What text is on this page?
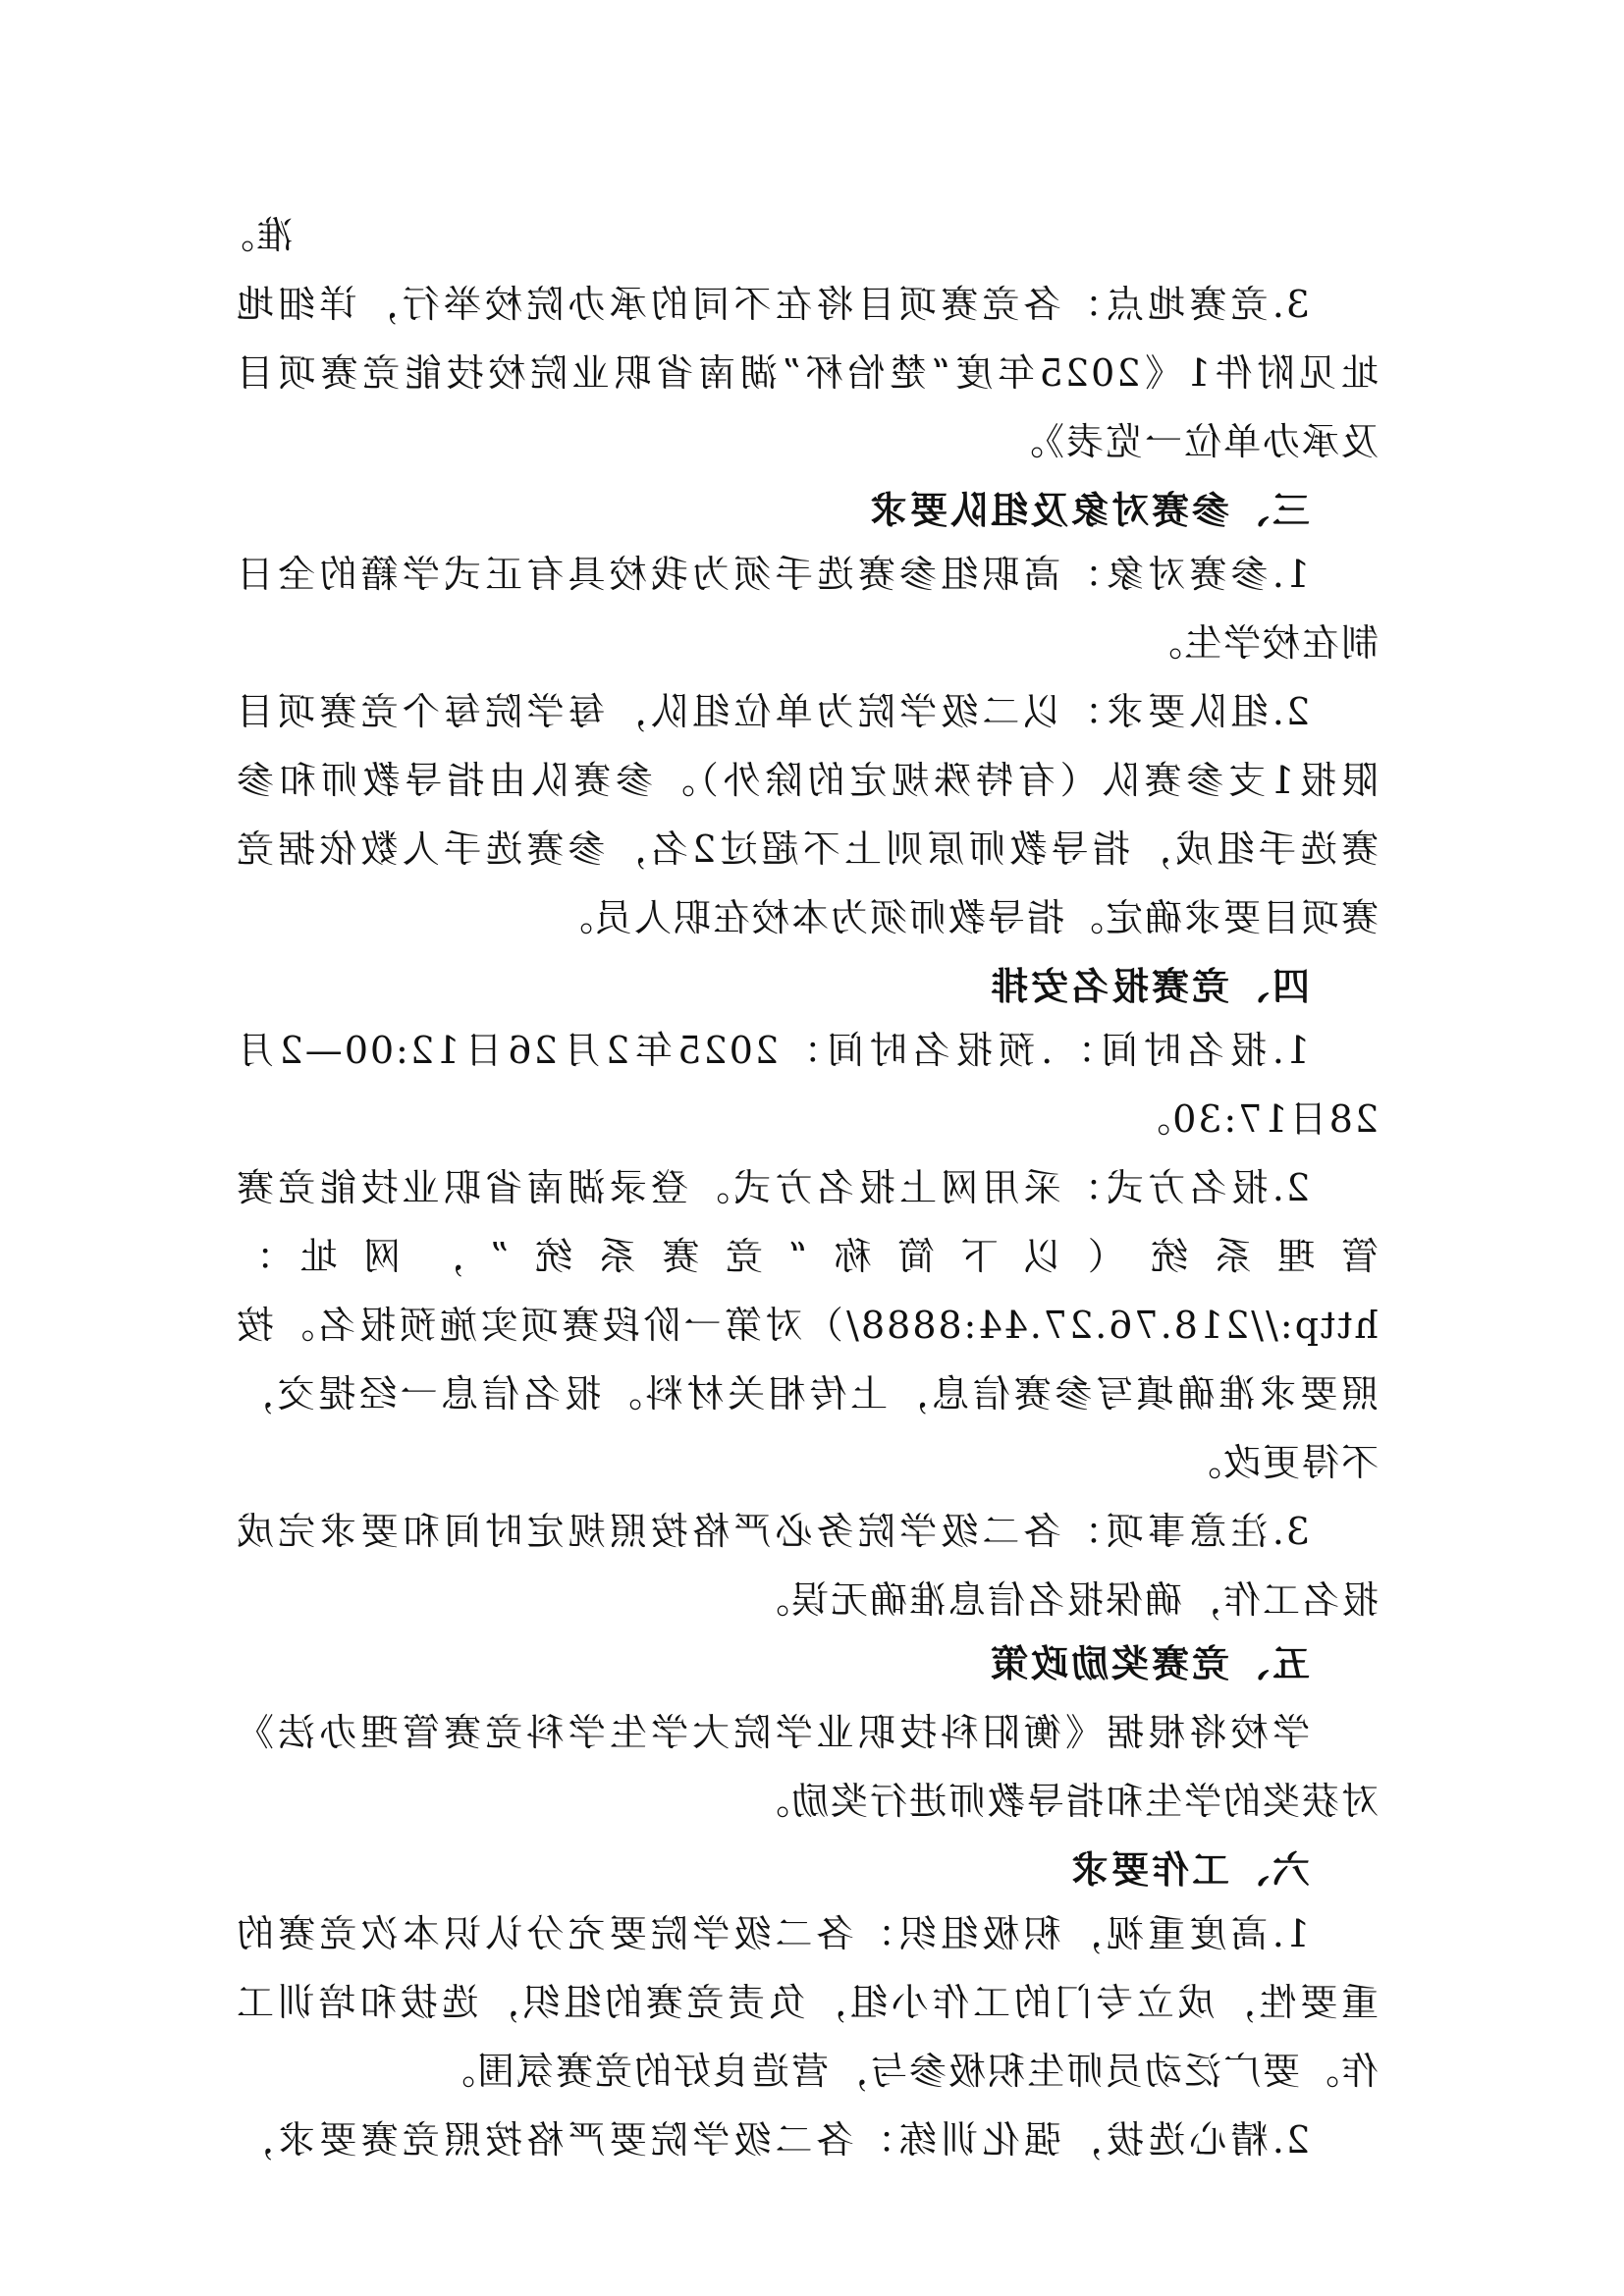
准。
3.竞赛地点：各竞赛项目将在不同的承办院校举行，详细地
址见附件1《2025年度“楚怡杯”湖南省职业院校技能竞赛项目
及承办单位一览表》。
三、参赛对象及组队要求
1.参赛对象：高职组参赛选手须为我校具有正式学籍的全日
制在校学生。
2.组队要求：以二级学院为单位组队，每学院每个竞赛项目
限报1支参赛队（有特殊规定的除外）。参赛队由指导教师和参
赛选手组成，指导教师原则上不超过2名，参赛选手人数依据竞
赛项目要求确定。指导教师须为本校在职人员。
四、竞赛报名安排
1.报名时间：.预报名时间：2025年2月26日12:00—2月
28日17:30。
2.报名方式：采用网上报名方式。登录湖南省职业技能竞赛
管理系统（以下简称“竞赛系统”，网址：
http://218.76.27.44:8888/）对第一阶段赛项实施预报名。按
照要求准确填写参赛信息，上传相关材料。报名信息一经提交，
不得更改。
3.注意事项：各二级学院务必严格按照规定时间和要求完成
报名工作，确保报名信息准确无误。
五、竞赛奖励政策
学校将根据《衡阳科技职业学院大学生学科竞赛管理办法》
对获奖的学生和指导教师进行奖励。
六、工作要求
1.高度重视，积极组织：各二级学院要充分认识本次竞赛的
重要性，成立专门的工作小组，负责竞赛的组织，选拔和培训工
作。要广泛动员师生积极参与，营造良好的竞赛氛围。
2.精心选拔，强化训练：各二级学院要严格按照竞赛要求，
